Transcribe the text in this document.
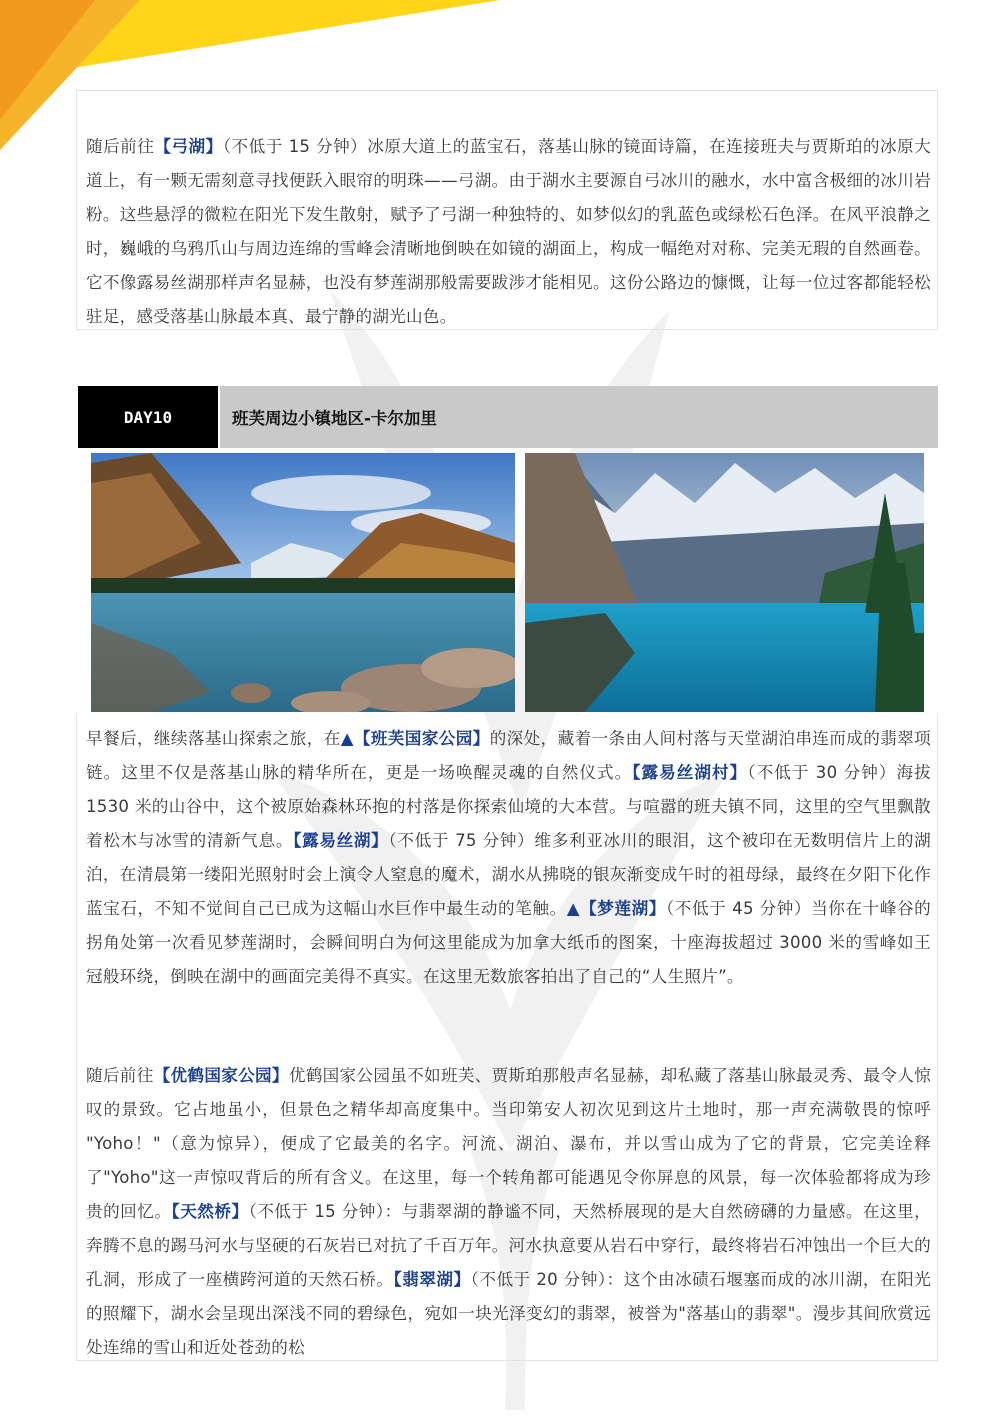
随后前往【弓湖】（不低于 15 分钟）冰原大道上的蓝宝石，落基山脉的镜面诗篇，在连接班夫与贾斯珀的冰原大道上，有一颗无需刻意寻找便跃入眼帘的明珠——弓湖。由于湖水主要源自弓冰川的融水，水中富含极细的冰川岩粉。这些悬浮的微粒在阳光下发生散射，赋予了弓湖一种独特的、如梦似幻的乳蓝色或绿松石色泽。在风平浪静之时，巍峨的乌鸦爪山与周边连绵的雪峰会清晰地倒映在如镜的湖面上，构成一幅绝对对称、完美无瑕的自然画卷。它不像露易丝湖那样声名显赫，也没有梦莲湖那般需要跋涉才能相见。这份公路边的慷慨，让每一位过客都能轻松驻足，感受落基山脉最本真、最宁静的湖光山色。

DAY10	班芙周边小镇地区-卡尔加里

早餐后，继续落基山探索之旅，在▲【班芙国家公园】的深处，藏着一条由人间村落与天堂湖泊串连而成的翡翠项链。这里不仅是落基山脉的精华所在，更是一场唤醒灵魂的自然仪式。【露易丝湖村】（不低于 30 分钟）海拔 1530 米的山谷中，这个被原始森林环抱的村落是你探索仙境的大本营。与喧嚣的班夫镇不同，这里的空气里飘散着松木与冰雪的清新气息。【露易丝湖】（不低于 75 分钟）维多利亚冰川的眼泪，这个被印在无数明信片上的湖泊，在清晨第一缕阳光照射时会上演令人窒息的魔术，湖水从拂晓的银灰渐变成午时的祖母绿，最终在夕阳下化作蓝宝石，不知不觉间自己已成为这幅山水巨作中最生动的笔触。▲【梦莲湖】（不低于 45 分钟）当你在十峰谷的拐角处第一次看见梦莲湖时，会瞬间明白为何这里能成为加拿大纸币的图案，十座海拔超过 3000 米的雪峰如王冠般环绕，倒映在湖中的画面完美得不真实。在这里无数旅客拍出了自己的“人生照片”。

随后前往【优鹤国家公园】优鹤国家公园虽不如班芙、贾斯珀那般声名显赫，却私藏了落基山脉最灵秀、最令人惊叹的景致。它占地虽小，但景色之精华却高度集中。当印第安人初次见到这片土地时，那一声充满敬畏的惊呼 "Yoho！"（意为惊异），便成了它最美的名字。河流、湖泊、瀑布，并以雪山成为了它的背景，它完美诠释了"Yoho"这一声惊叹背后的所有含义。在这里，每一个转角都可能遇见令你屏息的风景，每一次体验都将成为珍贵的回忆。【天然桥】（不低于 15 分钟）：与翡翠湖的静谧不同，天然桥展现的是大自然磅礴的力量感。在这里，奔腾不息的踢马河水与坚硬的石灰岩已对抗了千百万年。河水执意要从岩石中穿行，最终将岩石冲蚀出一个巨大的孔洞，形成了一座横跨河道的天然石桥。【翡翠湖】（不低于 20 分钟）：这个由冰碛石堰塞而成的冰川湖，在阳光的照耀下，湖水会呈现出深浅不同的碧绿色，宛如一块光泽变幻的翡翠，被誉为"落基山的翡翠"。漫步其间欣赏远处连绵的雪山和近处苍劲的松
